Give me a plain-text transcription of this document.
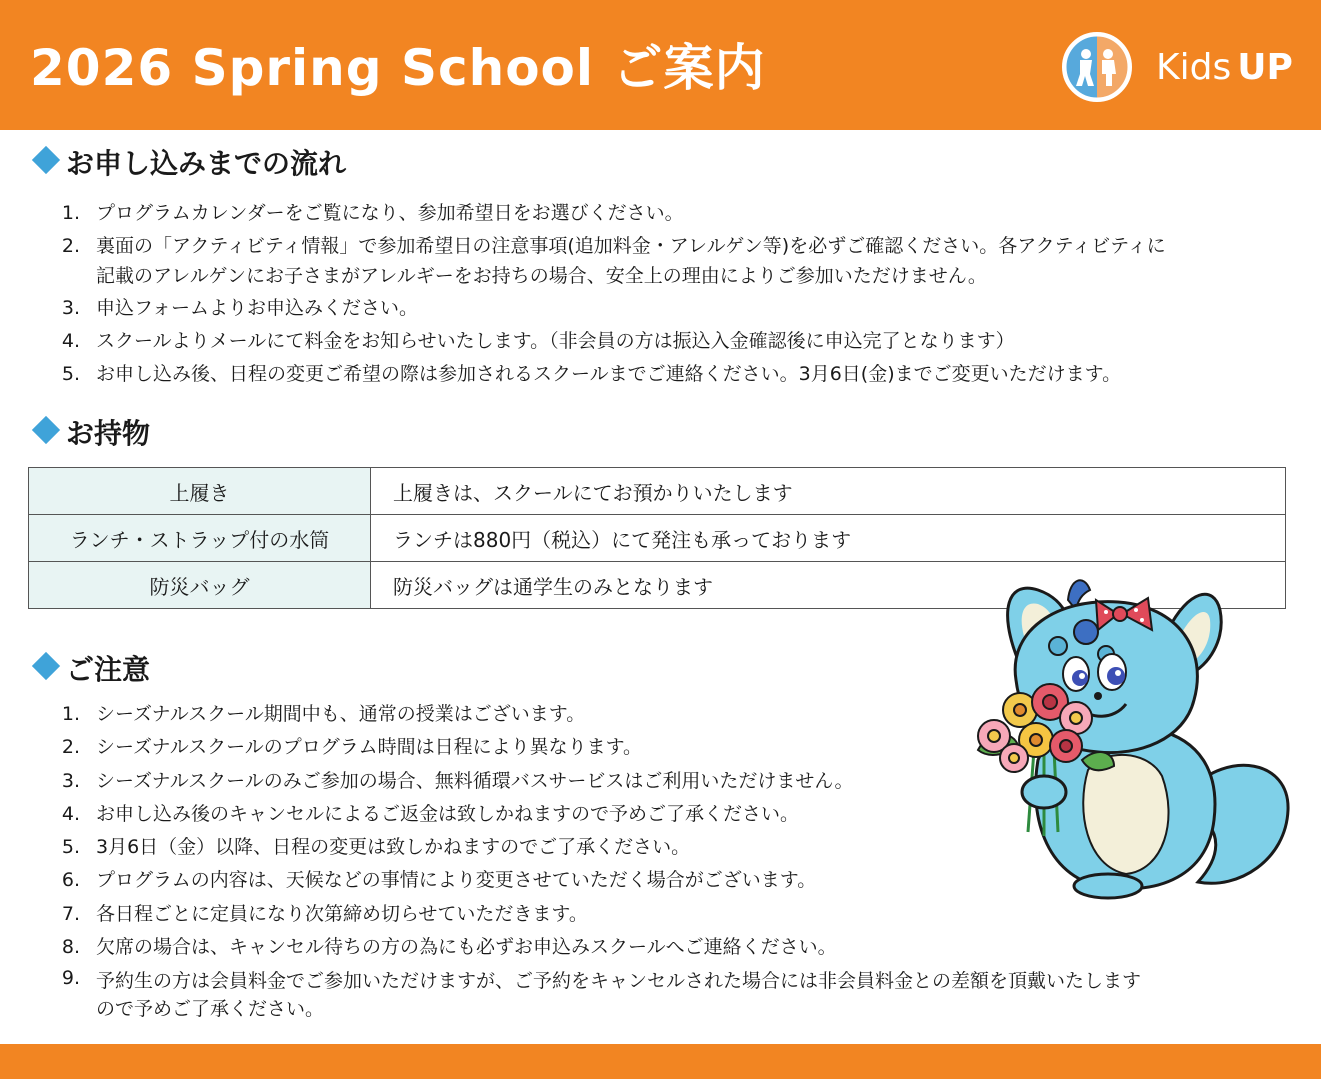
2026 Spring School ご案内	Kids UP
お申し込みまでの流れ
1. プログラムカレンダーをご覧になり、参加希望日をお選びください。
2. 裏面の「アクティビティ情報」で参加希望日の注意事項(追加料金・アレルゲン等)を必ずご確認ください。各アクティビティに
記載のアレルゲンにお子さまがアレルギーをお持ちの場合、安全上の理由によりご参加いただけません。
3. 申込フォームよりお申込みください。
4. スクールよりメールにて料金をお知らせいたします。（非会員の方は振込入金確認後に申込完了となります）
5. お申し込み後、日程の変更ご希望の際は参加されるスクールまでご連絡ください。3月6日(金)までご変更いただけます。
お持物
上履き	上履きは、スクールにてお預かりいたします
ランチ・ストラップ付の水筒	ランチは880円（税込）にて発注も承っております
防災バッグ	防災バッグは通学生のみとなります
ご注意
1. シーズナルスクール期間中も、通常の授業はございます。
2. シーズナルスクールのプログラム時間は日程により異なります。
3. シーズナルスクールのみご参加の場合、無料循環バスサービスはご利用いただけません。
4. お申し込み後のキャンセルによるご返金は致しかねますので予めご了承ください。
5. 3月6日（金）以降、日程の変更は致しかねますのでご了承ください。
6. プログラムの内容は、天候などの事情により変更させていただく場合がございます。
7. 各日程ごとに定員になり次第締め切らせていただきます。
8. 欠席の場合は、キャンセル待ちの方の為にも必ずお申込みスクールへご連絡ください。
9. 予約生の方は会員料金でご参加いただけますが、ご予約をキャンセルされた場合には非会員料金との差額を頂戴いたします
ので予めご了承ください。
